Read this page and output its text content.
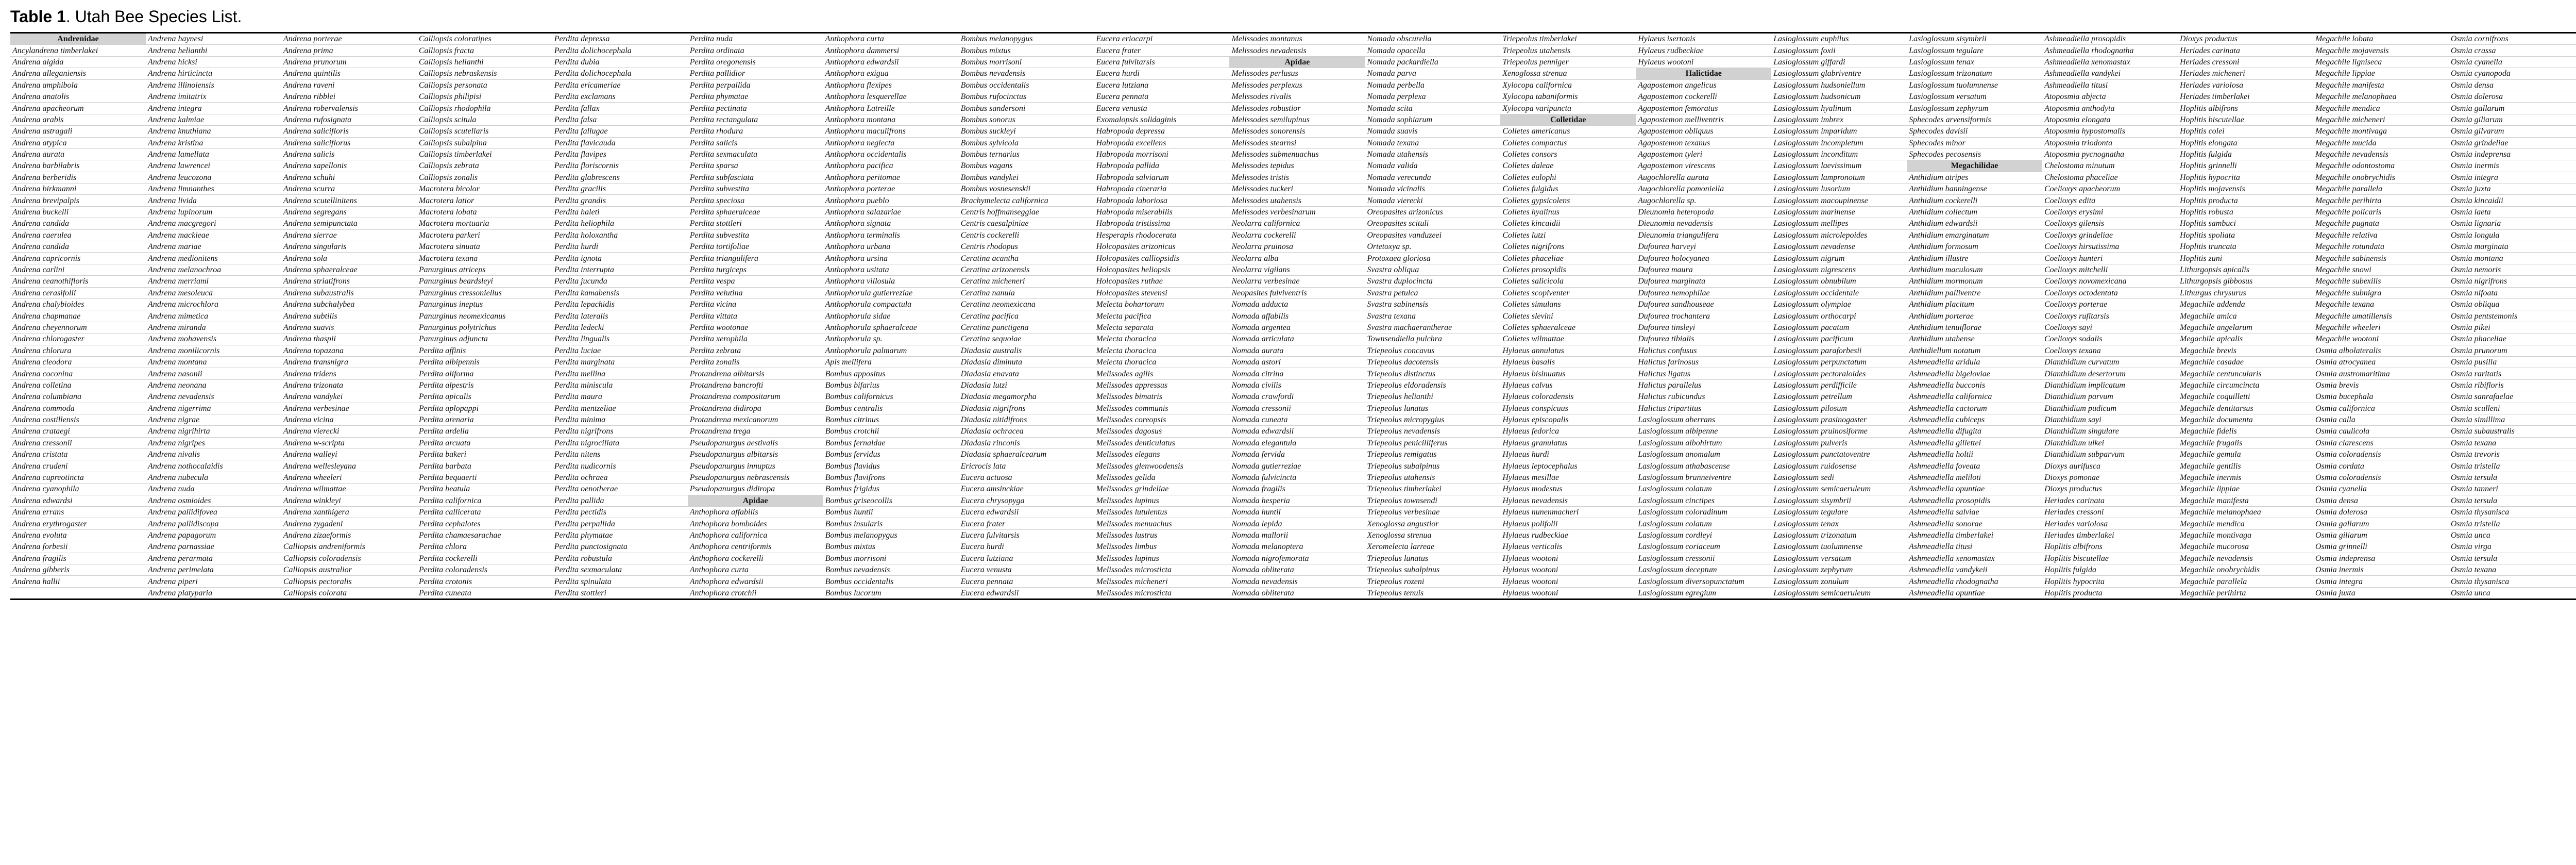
Table 1. Utah Bee Species List.
Andrenidae	Andrena haynesi	Andrena porterae	Calliopsis coloratipes	Perdita depressa	Perdita nuda	Anthophora curta	Bombus melanopygus	Eucera eriocarpi	Melissodes montanus	Nomada obscurella	Triepeolus timberlakei	Hylaeus isertonis	Lasioglossum euphilus	Lasioglossum sisymbrii	Ashmeadiella prosopidis	Dioxys productus	Megachile lobata	Osmia cornifrons	
Ancylandrena timberlakei	Andrena helianthi	Andrena prima	Calliopsis fracta	Perdita dolichocephala	Perdita ordinata	Anthophora dammersi	Bombus mixtus	Eucera frater	Melissodes nevadensis	Nomada opacella	Triepeolus utahensis	Hylaeus rudbeckiae	Lasioglossum foxii	Lasioglossum tegulare	Ashmeadiella rhodognatha	Heriades carinata	Megachile mojavensis	Osmia crassa	
Andrena algida	Andrena hicksi	Andrena prunorum	Calliopsis helianthi	Perdita dubia	Perdita oregonensis	Anthophora edwardsii	Bombus morrisoni	Eucera fulvitarsis	Apidae	Nomada packardiella	Triepeolus penniger	Hylaeus wootoni	Lasioglossum giffardi	Lasioglossum tenax	Ashmeadiella xenomastax	Heriades cressoni	Megachile ligniseca	Osmia cyanella	
Andrena alleganiensis	Andrena hirticincta	Andrena quintilis	Calliopsis nebraskensis	Perdita dolichocephala	Perdita pallidior	Anthophora exigua	Bombus nevadensis	Eucera hurdi	Melissodes perlusus	Nomada parva	Xenoglossa strenua	Halictidae	Lasioglossum glabriventre	Lasioglossum trizonatum	Ashmeadiella vandykei	Heriades micheneri	Megachile lippiae	Osmia cyanopoda	
Andrena amphibola	Andrena illinoiensis	Andrena raveni	Calliopsis personata	Perdita ericameriae	Perdita perpallida	Anthophora flexipes	Bombus occidentalis	Eucera lutziana	Melissodes perplexus	Nomada perbella	Xylocopa californica	Agapostemon angelicus	Lasioglossum hudsoniellum	Lasioglossum tuolumnense	Ashmeadiella titusi	Heriades variolosa	Megachile manifesta	Osmia densa	
Andrena anatolis	Andrena imitatrix	Andrena ribblei	Calliopsis philipisi	Perdita exclamans	Perdita phymatae	Anthophora lesquerellae	Bombus rufocinctus	Eucera pennata	Melissodes rivalis	Nomada perplexa	Xylocopa tabaniformis	Agapostemon cockerelli	Lasioglossum hudsonicum	Lasioglossum versatum	Atoposmia abjecta	Heriades timberlakei	Megachile melanophaea	Osmia dolerosa	
Andrena apacheorum	Andrena integra	Andrena robervalensis	Calliopsis rhodophila	Perdita fallax	Perdita pectinata	Anthophora Latreille	Bombus sandersoni	Eucera venusta	Melissodes robustior	Nomada scita	Xylocopa varipuncta	Agapostemon femoratus	Lasioglossum hyalinum	Lasioglossum zephyrum	Atoposmia anthodyta	Hoplitis albifrons	Megachile mendica	Osmia gallarum	
Andrena arabis	Andrena kalmiae	Andrena rufosignata	Calliopsis scitula	Perdita falsa	Perdita rectangulata	Anthophora montana	Bombus sonorus	Exomalopsis solidaginis	Melissodes semilupinus	Nomada sophiarum	Colletidae	Agapostemon melliventris	Lasioglossum imbrex	Sphecodes arvensiformis	Atoposmia elongata	Hoplitis biscutellae	Megachile micheneri	Osmia giliarum	
Andrena astragali	Andrena knuthiana	Andrena salicifloris	Calliopsis scutellaris	Perdita fallugae	Perdita rhodura	Anthophora maculifrons	Bombus suckleyi	Habropoda depressa	Melissodes sonorensis	Nomada suavis	Colletes americanus	Agapostemon obliquus	Lasioglossum imparidum	Sphecodes davisii	Atoposmia hypostomalis	Hoplitis colei	Megachile montivaga	Osmia gilvarum	
Andrena atypica	Andrena kristina	Andrena saliciflorus	Calliopsis subalpina	Perdita flavicauda	Perdita salicis	Anthophora neglecta	Bombus sylvicola	Habropoda excellens	Melissodes stearnsi	Nomada texana	Colletes compactus	Agapostemon texanus	Lasioglossum incompletum	Sphecodes minor	Atoposmia triodonta	Hoplitis elongata	Megachile mucida	Osmia grindeliae	
Andrena aurata	Andrena lamellata	Andrena salicis	Calliopsis timberlakei	Perdita flavipes	Perdita sexmaculata	Anthophora occidentalis	Bombus ternarius	Habropoda morrisoni	Melissodes submenuachus	Nomada utahensis	Colletes consors	Agapostemon tyleri	Lasioglossum inconditum	Sphecodes pecosensis	Atoposmia pycnognatha	Hoplitis fulgida	Megachile nevadensis	Osmia indeprensa	
Andrena barbilabris	Andrena lawrencei	Andrena sapellonis	Calliopsis zebrata	Perdita floriscornis	Perdita sparsa	Anthophora pacifica	Bombus vagans	Habropoda pallida	Melissodes tepidus	Nomada valida	Colletes daleae	Agapostemon virescens	Lasioglossum laevissimum	Megachilidae	Chelostoma minutum	Hoplitis grinnelli	Megachile odontostoma	Osmia inermis	
Andrena berberidis	Andrena leucozona	Andrena schuhi	Calliopsis zonalis	Perdita glabrescens	Perdita subfasciata	Anthophora peritomae	Bombus vandykei	Habropoda salviarum	Melissodes tristis	Nomada verecunda	Colletes eulophi	Augochlorella aurata	Lasioglossum lampronotum	Anthidium atripes	Chelostoma phaceliae	Hoplitis hypocrita	Megachile onobrychidis	Osmia integra	
Andrena birkmanni	Andrena limnanthes	Andrena scurra	Macrotera bicolor	Perdita gracilis	Perdita subvestita	Anthophora porterae	Bombus vosnesenskii	Habropoda cineraria	Melissodes tuckeri	Nomada vicinalis	Colletes fulgidus	Augochlorella pomoniella	Lasioglossum lusorium	Anthidium banningense	Coelioxys apacheorum	Hoplitis mojavensis	Megachile parallela	Osmia juxta	
Andrena brevipalpis	Andrena livida	Andrena scutellinitens	Macrotera latior	Perdita grandis	Perdita speciosa	Anthophora pueblo	Brachymelecta californica	Habropoda laboriosa	Melissodes utahensis	Nomada vierecki	Colletes gypsicolens	Augochlorella sp.	Lasioglossum macoupinense	Anthidium cockerelli	Coelioxys edita	Hoplitis producta	Megachile perihirta	Osmia kincaidii	
Andrena buckelli	Andrena lupinorum	Andrena segregans	Macrotera lobata	Perdita haleti	Perdita sphaeralceae	Anthophora salazariae	Centris hoffmanseggiae	Habropoda miserabilis	Melissodes verbesinarum	Oreopasites arizonicus	Colletes hyalinus	Dieunomia heteropoda	Lasioglossum marinense	Anthidium collectum	Coelioxys erysimi	Hoplitis robusta	Megachile policaris	Osmia laeta	
Andrena candida	Andrena macgregori	Andrena semipunctata	Macrotera mortuaria	Perdita heliophila	Perdita stottleri	Anthophora signata	Centris caesalpiniae	Habropoda tristissima	Neolarra californica	Oreopasites scituli	Colletes kincaidii	Dieunomia nevadensis	Lasioglossum mellipes	Anthidium edwardsii	Coelioxys gilensis	Hoplitis sambuci	Megachile pugnata	Osmia lignaria	
Andrena caerulea	Andrena mackieae	Andrena sierrae	Macrotera parkeri	Perdita holoxantha	Perdita subvestita	Anthophora terminalis	Centris cockerelli	Hesperapis rhodocerata	Neolarra cockerelli	Oreopasites vanduzeei	Colletes lutzi	Dieunomia triangulifera	Lasioglossum microlepoides	Anthidium emarginatum	Coelioxys grindeliae	Hoplitis spoliata	Megachile relativa	Osmia longula	
Andrena candida	Andrena mariae	Andrena singularis	Macrotera sinuata	Perdita hurdi	Perdita tortifoliae	Anthophora urbana	Centris rhodopus	Holcopasites arizonicus	Neolarra pruinosa	Ortetoxya sp.	Colletes nigrifrons	Dufourea harveyi	Lasioglossum nevadense	Anthidium formosum	Coelioxys hirsutissima	Hoplitis truncata	Megachile rotundata	Osmia marginata	
Andrena capricornis	Andrena medionitens	Andrena sola	Macrotera texana	Perdita ignota	Perdita triangulifera	Anthophora ursina	Ceratina acantha	Holcopasites calliopsidis	Neolarra alba	Protoxaea gloriosa	Colletes phaceliae	Dufourea holocyanea	Lasioglossum nigrum	Anthidium illustre	Coelioxys hunteri	Hoplitis zuni	Megachile sabinensis	Osmia montana	
Andrena carlini	Andrena melanochroa	Andrena sphaeralceae	Panurginus atriceps	Perdita interrupta	Perdita turgiceps	Anthophora usitata	Ceratina arizonensis	Holcopasites heliopsis	Neolarra vigilans	Svastra obliqua	Colletes prosopidis	Dufourea maura	Lasioglossum nigrescens	Anthidium maculosum	Coelioxys mitchelli	Lithurgopsis apicalis	Megachile snowi	Osmia nemoris	
Andrena ceanothifloris	Andrena merriami	Andrena striatifrons	Panurginus beardsleyi	Perdita jucunda	Perdita vespa	Anthophora villosula	Ceratina micheneri	Holcopasites ruthae	Neolarra verbesinae	Svastra duplocincta	Colletes salicicola	Dufourea marginata	Lasioglossum obnubilum	Anthidium mormonum	Coelioxys novomexicana	Lithurgopsis gibbosus	Megachile subexilis	Osmia nigrifrons	
Andrena cerasifolii	Andrena mesoleuca	Andrena subaustralis	Panurginus cressoniellus	Perdita kamabensis	Perdita velutina	Anthophorula gutierreziae	Ceratina nanula	Holcopasites stevensi	Neopasites fulviventris	Svastra petulca	Colletes scopiventer	Dufourea nemophilae	Lasioglossum occidentale	Anthidium palliventre	Coelioxys octodentata	Lithurgus chrysurus	Megachile subnigra	Osmia nifoata	
Andrena chalybioides	Andrena microchlora	Andrena subchalybea	Panurginus ineptus	Perdita lepachidis	Perdita vicina	Anthophorula compactula	Ceratina neomexicana	Melecta bohartorum	Nomada adducta	Svastra sabinensis	Colletes simulans	Dufourea sandhouseae	Lasioglossum olympiae	Anthidium placitum	Coelioxys porterae	Megachile addenda	Megachile texana	Osmia obliqua	
Andrena chapmanae	Andrena mimetica	Andrena subtilis	Panurginus neomexicanus	Perdita lateralis	Perdita vittata	Anthophorula sidae	Ceratina pacifica	Melecta pacifica	Nomada affabilis	Svastra texana	Colletes slevini	Dufourea trochantera	Lasioglossum orthocarpi	Anthidium porterae	Coelioxys rufitarsis	Megachile amica	Megachile umatillensis	Osmia pentstemonis	
Andrena cheyennorum	Andrena miranda	Andrena suavis	Panurginus polytrichus	Perdita ledecki	Perdita wootonae	Anthophorula sphaeralceae	Ceratina punctigena	Melecta separata	Nomada argentea	Svastra machaerantherae	Colletes sphaeralceae	Dufourea tinsleyi	Lasioglossum pacatum	Anthidium tenuiflorae	Coelioxys sayi	Megachile angelarum	Megachile wheeleri	Osmia pikei	
Andrena chlorogaster	Andrena mohavensis	Andrena thaspii	Panurginus adjuncta	Perdita lingualis	Perdita xerophila	Anthophorula sp.	Ceratina sequoiae	Melecta thoracica	Nomada articulata	Townsendiella pulchra	Colletes wilmattae	Dufourea tibialis	Lasioglossum pacificum	Anthidium utahense	Coelioxys sodalis	Megachile apicalis	Megachile wootoni	Osmia phaceliae	
Andrena chlorura	Andrena monilicornis	Andrena topazana	Perdita affinis	Perdita luciae	Perdita zebrata	Anthophorula palmarum	Diadasia australis	Melecta thoracica	Nomada aurata	Triepeolus concavus	Hylaeus annulatus	Halictus confusus	Lasioglossum paraforbesii	Anthidiellum notatum	Coelioxys texana	Megachile brevis	Osmia albolateralis	Osmia prunorum	
Andrena cleodora	Andrena montana	Andrena transnigra	Perdita albipennis	Perdita marginata	Perdita zonalis	Apis mellifera	Diadasia diminuta	Melecta thoracica	Nomada astori	Triepeolus dacotensis	Hylaeus basalis	Halictus farinosus	Lasioglossum perpunctatum	Ashmeadiella aridula	Dianthidium curvatum	Megachile casadae	Osmia atrocyanea	Osmia pusilla	
Andrena coconina	Andrena nasonii	Andrena tridens	Perdita aliforma	Perdita mellina	Protandrena albitarsis	Bombus appositus	Diadasia enavata	Melissodes agilis	Nomada citrina	Triepeolus distinctus	Hylaeus bisinuatus	Halictus ligatus	Lasioglossum pectoraloides	Ashmeadiella bigeloviae	Dianthidium desertorum	Megachile centuncularis	Osmia austromaritima	Osmia raritatis	
Andrena colletina	Andrena neonana	Andrena trizonata	Perdita alpestris	Perdita miniscula	Protandrena bancrofti	Bombus bifarius	Diadasia lutzi	Melissodes appressus	Nomada civilis	Triepeolus eldoradensis	Hylaeus calvus	Halictus parallelus	Lasioglossum perdifficile	Ashmeadiella bucconis	Dianthidium implicatum	Megachile circumcincta	Osmia brevis	Osmia ribifloris	
Andrena columbiana	Andrena nevadensis	Andrena vandykei	Perdita apicalis	Perdita maura	Protandrena compositarum	Bombus californicus	Diadasia megamorpha	Melissodes bimatris	Nomada crawfordi	Triepeolus helianthi	Hylaeus coloradensis	Halictus rubicundus	Lasioglossum petrellum	Ashmeadiella californica	Dianthidium parvum	Megachile coquilletti	Osmia bucephala	Osmia sanrafaelae	
Andrena commoda	Andrena nigerrima	Andrena verbesinae	Perdita aplopappi	Perdita mentzeliae	Protandrena didiropa	Bombus centralis	Diadasia nigrifrons	Melissodes communis	Nomada cressonii	Triepeolus lunatus	Hylaeus conspicuus	Halictus tripartitus	Lasioglossum pilosum	Ashmeadiella cactorum	Dianthidium pudicum	Megachile dentitarsus	Osmia californica	Osmia sculleni	
Andrena costillensis	Andrena nigrae	Andrena vicina	Perdita arenaria	Perdita minima	Protandrena mexicanorum	Bombus citrinus	Diadasia nitidifrons	Melissodes coreopsis	Nomada cuneata	Triepeolus micropygius	Hylaeus episcopalis	Lasioglossum aberrans	Lasioglossum prasinogaster	Ashmeadiella cubiceps	Dianthidium sayi	Megachile documenta	Osmia calla	Osmia simillima	
Andrena crataegi	Andrena nigrihirta	Andrena vierecki	Perdita ardella	Perdita nigrifrons	Protandrena trega	Bombus crotchii	Diadasia ochracea	Melissodes dagosus	Nomada edwardsii	Triepeolus nevadensis	Hylaeus fedorica	Lasioglossum albipenne	Lasioglossum pruinosiforme	Ashmeadiella difugita	Dianthidium singulare	Megachile fidelis	Osmia caulicola	Osmia subaustralis	
Andrena cressonii	Andrena nigripes	Andrena w-scripta	Perdita arcuata	Perdita nigrociliata	Pseudopanurgus aestivalis	Bombus fernaldae	Diadasia rinconis	Melissodes denticulatus	Nomada elegantula	Triepeolus penicilliferus	Hylaeus granulatus	Lasioglossum albohirtum	Lasioglossum pulveris	Ashmeadiella gillettei	Dianthidium ulkei	Megachile frugalis	Osmia clarescens	Osmia texana	
Andrena cristata	Andrena nivalis	Andrena walleyi	Perdita bakeri	Perdita nitens	Pseudopanurgus albitarsis	Bombus fervidus	Diadasia sphaeralcearum	Melissodes elegans	Nomada fervida	Triepeolus remigatus	Hylaeus hurdi	Lasioglossum anomalum	Lasioglossum punctatoventre	Ashmeadiella holtii	Dianthidium subparvum	Megachile gemula	Osmia coloradensis	Osmia trevoris	
Andrena crudeni	Andrena nothocalaidis	Andrena wellesleyana	Perdita barbata	Perdita nudicornis	Pseudopanurgus innuptus	Bombus flavidus	Ericrocis lata	Melissodes glenwoodensis	Nomada gutierreziae	Triepeolus subalpinus	Hylaeus leptocephalus	Lasioglossum athabascense	Lasioglossum ruidosense	Ashmeadiella foveata	Dioxys aurifusca	Megachile gentilis	Osmia cordata	Osmia tristella	
Andrena cupreotincta	Andrena nubecula	Andrena wheeleri	Perdita bequaerti	Perdita ochraea	Pseudopanurgus nebrascensis	Bombus flavifrons	Eucera actuosa	Melissodes gelida	Nomada fulvicincta	Triepeolus utahensis	Hylaeus mesillae	Lasioglossum brunneiventre	Lasioglossum sedi	Ashmeadiella meliloti	Dioxys pomonae	Megachile inermis	Osmia coloradensis	Osmia tersula	
Andrena cyanophila	Andrena nuda	Andrena wilmattae	Perdita beatula	Perdita oenotherae	Pseudopanurgus didiropa	Bombus frigidus	Eucera amsinckiae	Melissodes grindeliae	Nomada fragilis	Triepeolus timberlakei	Hylaeus modestus	Lasioglossum colatum	Lasioglossum semicaeruleum	Ashmeadiella opuntiae	Dioxys productus	Megachile lippiae	Osmia cyanella	Osmia tanneri	
Andrena edwardsi	Andrena osmioides	Andrena winkleyi	Perdita californica	Perdita pallida	Apidae	Bombus griseocollis	Eucera chrysopyga	Melissodes lupinus	Nomada hesperia	Triepeolus townsendi	Hylaeus nevadensis	Lasioglossum cinctipes	Lasioglossum sisymbrii	Ashmeadiella prosopidis	Heriades carinata	Megachile manifesta	Osmia densa	Osmia tersula	
Andrena errans	Andrena pallidifovea	Andrena xanthigera	Perdita callicerata	Perdita pectidis	Anthophora affabilis	Bombus huntii	Eucera edwardsii	Melissodes lutulentus	Nomada huntii	Triepeolus verbesinae	Hylaeus nunenmacheri	Lasioglossum coloradinum	Lasioglossum tegulare	Ashmeadiella salviae	Heriades cressoni	Megachile melanophaea	Osmia dolerosa	Osmia thysanisca	
Andrena erythrogaster	Andrena pallidiscopa	Andrena zygadeni	Perdita cephalotes	Perdita perpallida	Anthophora bomboides	Bombus insularis	Eucera frater	Melissodes menuachus	Nomada lepida	Xenoglossa angustior	Hylaeus polifolii	Lasioglossum colatum	Lasioglossum tenax	Ashmeadiella sonorae	Heriades variolosa	Megachile mendica	Osmia gallarum	Osmia tristella	
Andrena evoluta	Andrena papagorum	Andrena zizaeformis	Perdita chamaesarachae	Perdita phymatae	Anthophora californica	Bombus melanopygus	Eucera fulvitarsis	Melissodes lustrus	Nomada mallorii	Xenoglossa strenua	Hylaeus rudbeckiae	Lasioglossum cordleyi	Lasioglossum trizonatum	Ashmeadiella timberlakei	Heriades timberlakei	Megachile montivaga	Osmia giliarum	Osmia unca	
Andrena forbesii	Andrena parnassiae	Calliopsis andreniformis	Perdita chlora	Perdita punctosignata	Anthophora centriformis	Bombus mixtus	Eucera hurdi	Melissodes limbus	Nomada melanoptera	Xeromelecta larreae	Hylaeus verticalis	Lasioglossum coriaceum	Lasioglossum tuolumnense	Ashmeadiella titusi	Hoplitis albifrons	Megachile mucorosa	Osmia grinnelli	Osmia virga	
Andrena fragilis	Andrena perarmata	Calliopsis coloradensis	Perdita cockerelli	Perdita robustula	Anthophora cockerelli	Bombus morrisoni	Eucera lutziana	Melissodes lupinus	Nomada nigrofemorata	Triepeolus lunatus	Hylaeus wootoni	Lasioglossum cressonii	Lasioglossum versatum	Ashmeadiella xenomastax	Hoplitis biscutellae	Megachile nevadensis	Osmia indeprensa	Osmia tersula	
Andrena gibberis	Andrena perimelata	Calliopsis australior	Perdita coloradensis	Perdita sexmaculata	Anthophora curta	Bombus nevadensis	Eucera venusta	Melissodes microsticta	Nomada obliterata	Triepeolus subalpinus	Hylaeus wootoni	Lasioglossum deceptum	Lasioglossum zephyrum	Ashmeadiella vandykeii	Hoplitis fulgida	Megachile onobrychidis	Osmia inermis	Osmia texana	
Andrena hallii	Andrena piperi	Calliopsis pectoralis	Perdita crotonis	Perdita spinulata	Anthophora edwardsii	Bombus occidentalis	Eucera pennata	Melissodes micheneri	Nomada nevadensis	Triepeolus rozeni	Hylaeus wootoni	Lasioglossum diversopunctatum	Lasioglossum zonulum	Ashmeadiella rhodognatha	Hoplitis hypocrita	Megachile parallela	Osmia integra	Osmia thysanisca	
	Andrena platyparia	Calliopsis colorata	Perdita cuneata	Perdita stottleri	Anthophora crotchii	Bombus lucorum	Eucera edwardsii	Melissodes microsticta	Nomada obliterata	Triepeolus tenuis	Hylaeus wootoni	Lasioglossum egregium	Lasioglossum semicaeruleum	Ashmeadiella opuntiae	Hoplitis producta	Megachile perihirta	Osmia juxta	Osmia unca	
